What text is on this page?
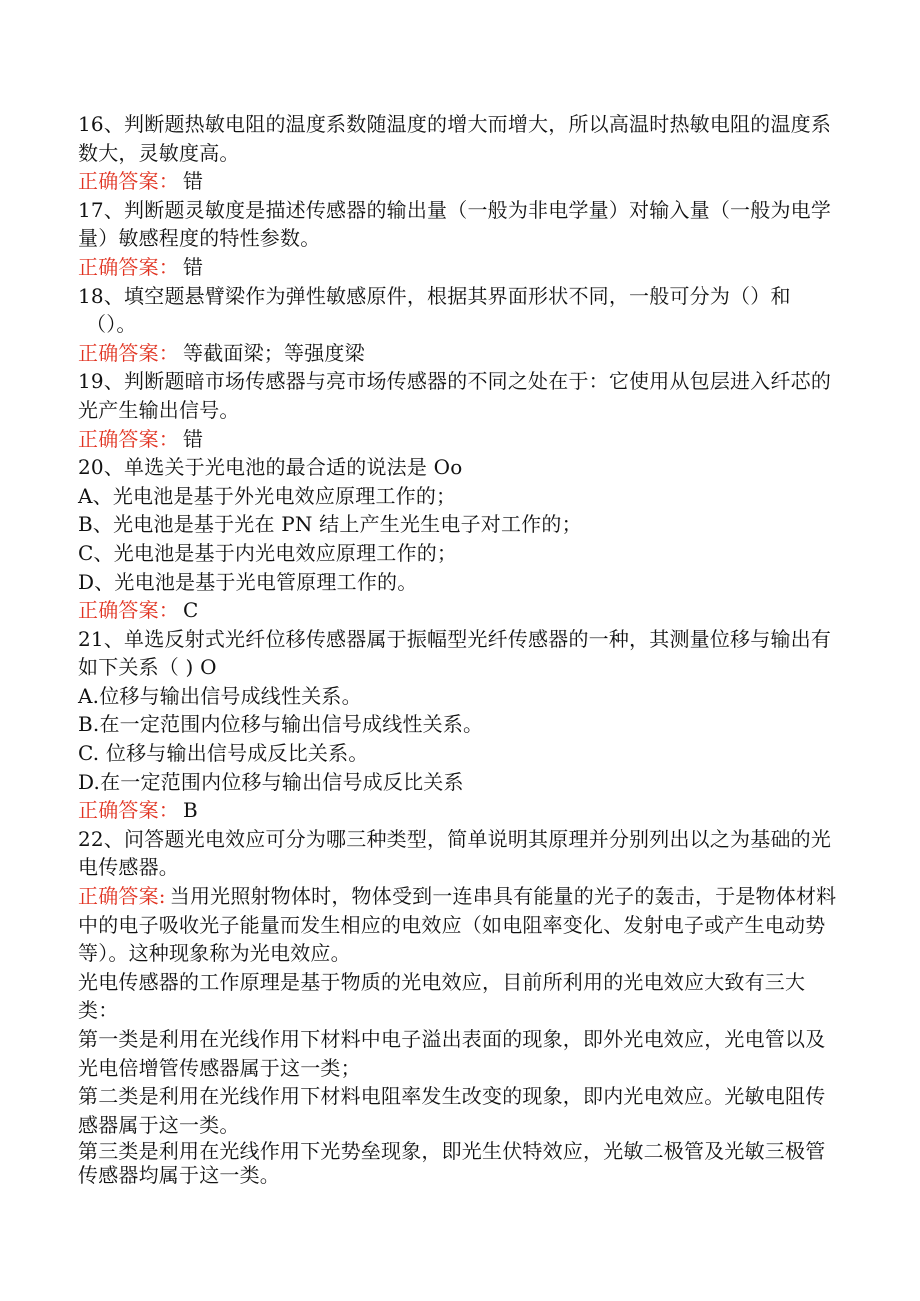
16、判断题热敏电阻的温度系数随温度的增大而增大，所以高温时热敏电阻的温度系数大，灵敏度高。
正确答案： 错
17、判断题灵敏度是描述传感器的输出量（一般为非电学量）对输入量（一般为电学量）敏感程度的特性参数。
正确答案： 错
18、填空题悬臂梁作为弹性敏感原件，根据其界面形状不同，一般可分为（）和
（）。
正确答案： 等截面梁；等强度梁
19、判断题暗市场传感器与亮市场传感器的不同之处在于：它使用从包层进入纤芯的光产生输出信号。
正确答案： 错
20、单选关于光电池的最合适的说法是 Oo
A、光电池是基于外光电效应原理工作的；
B、光电池是基于光在 PN 结上产生光生电子对工作的；
C、光电池是基于内光电效应原理工作的；
D、光电池是基于光电管原理工作的。
正确答案： C
21、单选反射式光纤位移传感器属于振幅型光纤传感器的一种，其测量位移与输出有如下关系（ ) O
A.位移与输出信号成线性关系。
B.在一定范围内位移与输出信号成线性关系。
C. 位移与输出信号成反比关系。
D.在一定范围内位移与输出信号成反比关系
正确答案： B
22、问答题光电效应可分为哪三种类型，简单说明其原理并分别列出以之为基础的光电传感器。
正确答案: 当用光照射物体时，物体受到一连串具有能量的光子的轰击，于是物体材料中的电子吸收光子能量而发生相应的电效应（如电阻率变化、发射电子或产生电动势等）。这种现象称为光电效应。
光电传感器的工作原理是基于物质的光电效应，目前所利用的光电效应大致有三大类：
第一类是利用在光线作用下材料中电子溢出表面的现象，即外光电效应，光电管以及光电倍增管传感器属于这一类；
第二类是利用在光线作用下材料电阻率发生改变的现象，即内光电效应。光敏电阻传感器属于这一类。
第三类是利用在光线作用下光势垒现象，即光生伏特效应，光敏二极管及光敏三极管传感器均属于这一类。
